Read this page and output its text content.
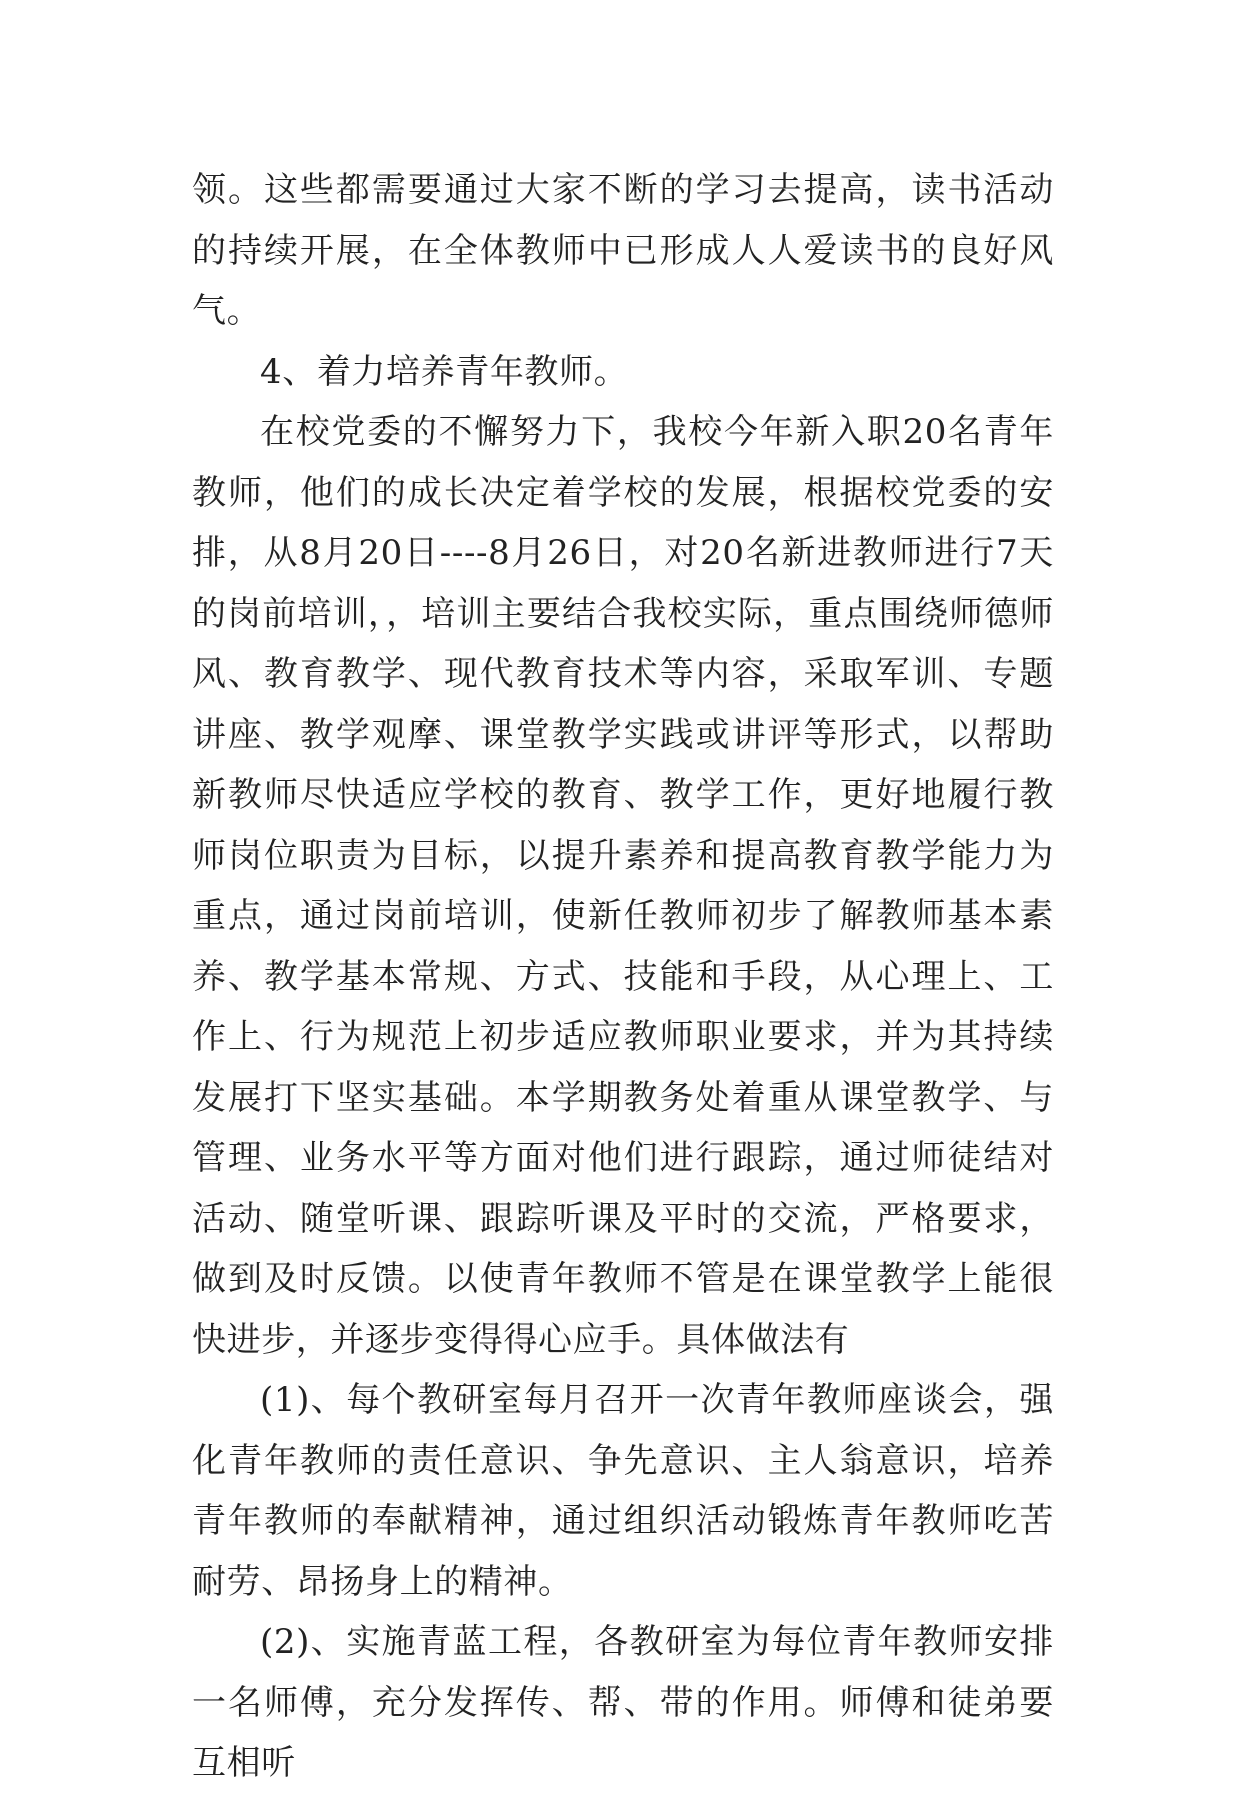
领。这些都需要通过大家不断的学习去提高，读书活动的持续开展，在全体教师中已形成人人爱读书的良好风气。

4、着力培养青年教师。

在校党委的不懈努力下，我校今年新入职20名青年教师，他们的成长决定着学校的发展，根据校党委的安排，从8月20日----8月26日，对20名新进教师进行7天的岗前培训，，培训主要结合我校实际，重点围绕师德师风、教育教学、现代教育技术等内容，采取军训、专题讲座、教学观摩、课堂教学实践或讲评等形式，以帮助新教师尽快适应学校的教育、教学工作，更好地履行教师岗位职责为目标，以提升素养和提高教育教学能力为重点，通过岗前培训，使新任教师初步了解教师基本素养、教学基本常规、方式、技能和手段，从心理上、工作上、行为规范上初步适应教师职业要求，并为其持续发展打下坚实基础。本学期教务处着重从课堂教学、与管理、业务水平等方面对他们进行跟踪，通过师徒结对活动、随堂听课、跟踪听课及平时的交流，严格要求，做到及时反馈。以使青年教师不管是在课堂教学上能很快进步，并逐步变得得心应手。具体做法有

(1)、每个教研室每月召开一次青年教师座谈会，强化青年教师的责任意识、争先意识、主人翁意识，培养青年教师的奉献精神，通过组织活动锻炼青年教师吃苦耐劳、昂扬身上的精神。

(2)、实施青蓝工程，各教研室为每位青年教师安排一名师傅，充分发挥传、帮、带的作用。师傅和徒弟要互相听
